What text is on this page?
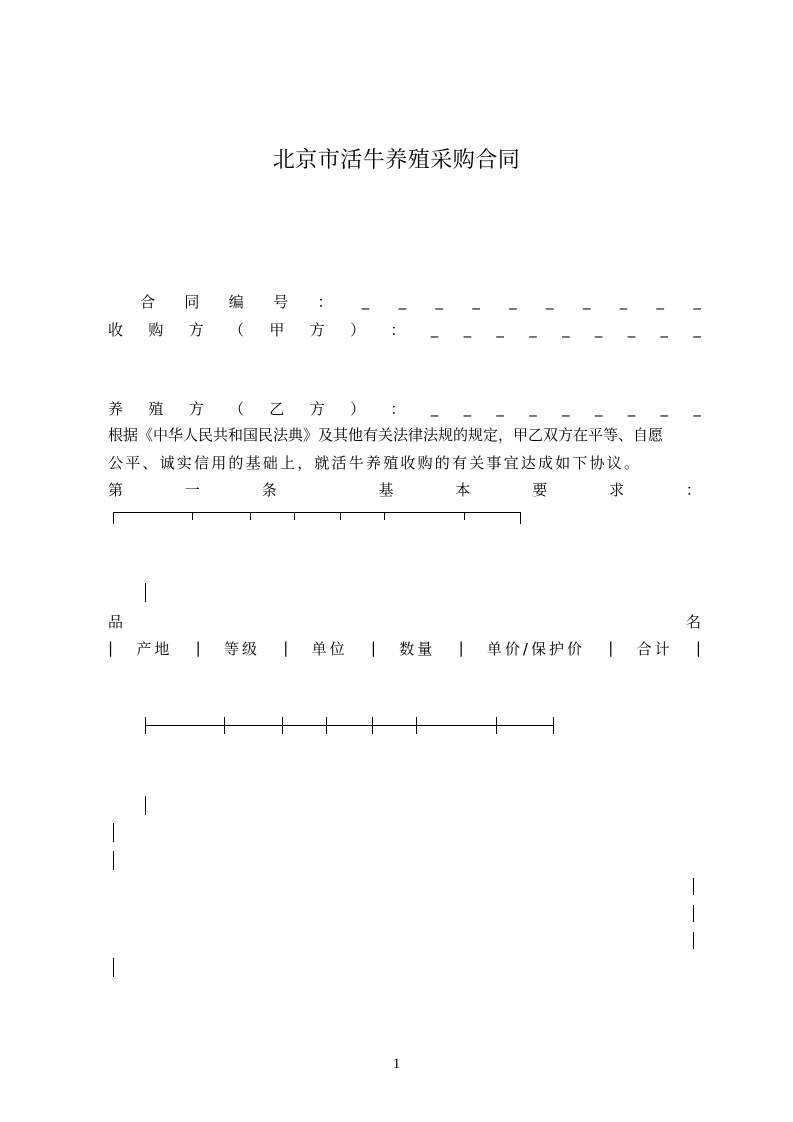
北京市活牛养殖采购合同
合 同 编 号 ： _ _ _ _ _ _ _ _ _ _
收 购 方 （ 甲 方 ） ： _ _ _ _ _ _ _ _ _
养 殖 方 （ 乙 方 ） ： _ _ _ _ _ _ _ _ _
根据《中华人民共和国民法典》及其他有关法律法规的规定，甲乙双方在平等、自愿
公平、诚实信用的基础上，就活牛养殖收购的有关事宜达成如下协议。
第	一	条	基	本	要	求	：
品	名
| 产地 | 等级 | 单位 | 数量 | 单价/保护价 | 合计 |
1
